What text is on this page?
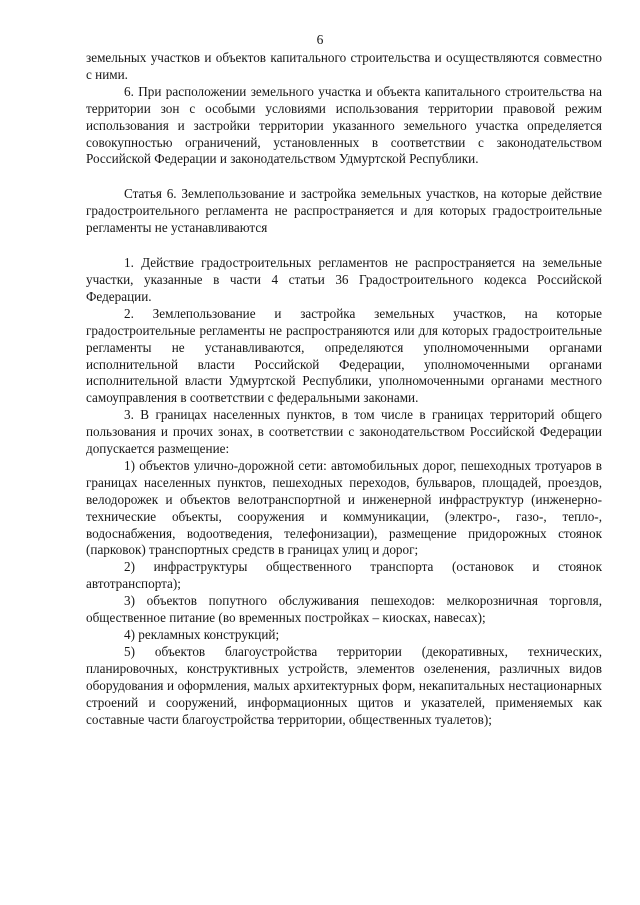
6

земельных участков и объектов капитального строительства и осуществляются совместно с ними.

6. При расположении земельного участка и объекта капитального строительства на территории зон с особыми условиями использования территории правовой режим использования и застройки территории указанного земельного участка определяется совокупностью ограничений, установленных в соответствии с законодательством Российской Федерации и законодательством Удмуртской Республики.

Статья 6. Землепользование и застройка земельных участков, на которые действие градостроительного регламента не распространяется и для которых градостроительные регламенты не устанавливаются

1. Действие градостроительных регламентов не распространяется на земельные участки, указанные в части 4 статьи 36 Градостроительного кодекса Российской Федерации.

2. Землепользование и застройка земельных участков, на которые градостроительные регламенты не распространяются или для которых градостроительные регламенты не устанавливаются, определяются уполномоченными органами исполнительной власти Российской Федерации, уполномоченными органами исполнительной власти Удмуртской Республики, уполномоченными органами местного самоуправления в соответствии с федеральными законами.

3. В границах населенных пунктов, в том числе в границах территорий общего пользования и прочих зонах, в соответствии с законодательством Российской Федерации допускается размещение:

1) объектов улично-дорожной сети: автомобильных дорог, пешеходных тротуаров в границах населенных пунктов, пешеходных переходов, бульваров, площадей, проездов, велодорожек и объектов велотранспортной и инженерной инфраструктур (инженерно-технические объекты, сооружения и коммуникации, (электро-, газо-, тепло-, водоснабжения, водоотведения, телефонизации), размещение придорожных стоянок (парковок) транспортных средств в границах улиц и дорог;

2) инфраструктуры общественного транспорта (остановок и стоянок автотранспорта);

3) объектов попутного обслуживания пешеходов: мелкорозничная торговля, общественное питание (во временных постройках – киосках, навесах);

4) рекламных конструкций;

5) объектов благоустройства территории (декоративных, технических, планировочных, конструктивных устройств, элементов озеленения, различных видов оборудования и оформления, малых архитектурных форм, некапитальных нестационарных строений и сооружений, информационных щитов и указателей, применяемых как составные части благоустройства территории, общественных туалетов);
